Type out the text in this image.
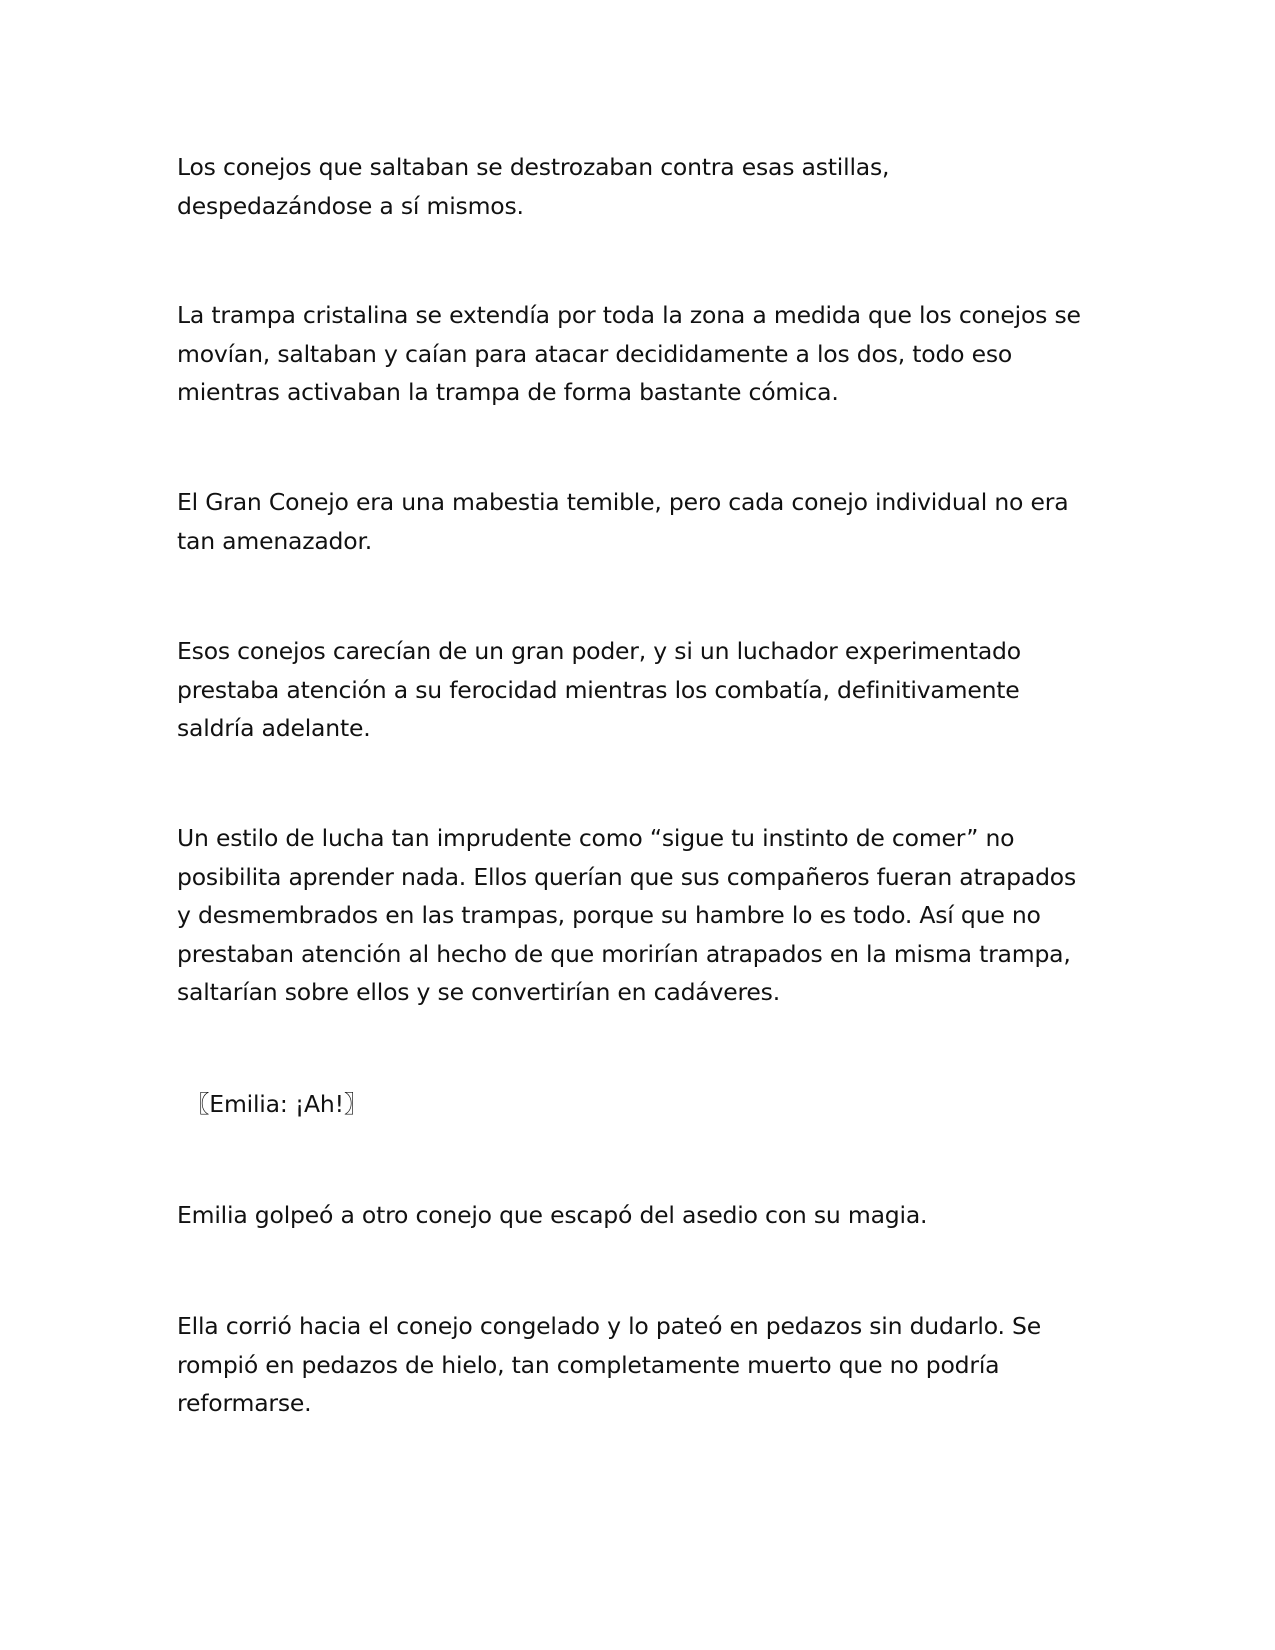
Los conejos que saltaban se destrozaban contra esas astillas,
despedazándose a sí mismos.

La trampa cristalina se extendía por toda la zona a medida que los conejos se
movían, saltaban y caían para atacar decididamente a los dos, todo eso
mientras activaban la trampa de forma bastante cómica.

El Gran Conejo era una mabestia temible, pero cada conejo individual no era
tan amenazador.

Esos conejos carecían de un gran poder, y si un luchador experimentado
prestaba atención a su ferocidad mientras los combatía, definitivamente
saldría adelante.

Un estilo de lucha tan imprudente como “sigue tu instinto de comer” no
posibilita aprender nada. Ellos querían que sus compañeros fueran atrapados
y desmembrados en las trampas, porque su hambre lo es todo. Así que no
prestaban atención al hecho de que morirían atrapados en la misma trampa,
saltarían sobre ellos y se convertirían en cadáveres.

〖Emilia: ¡Ah!〗

Emilia golpeó a otro conejo que escapó del asedio con su magia.

Ella corrió hacia el conejo congelado y lo pateó en pedazos sin dudarlo. Se
rompió en pedazos de hielo, tan completamente muerto que no podría
reformarse.
